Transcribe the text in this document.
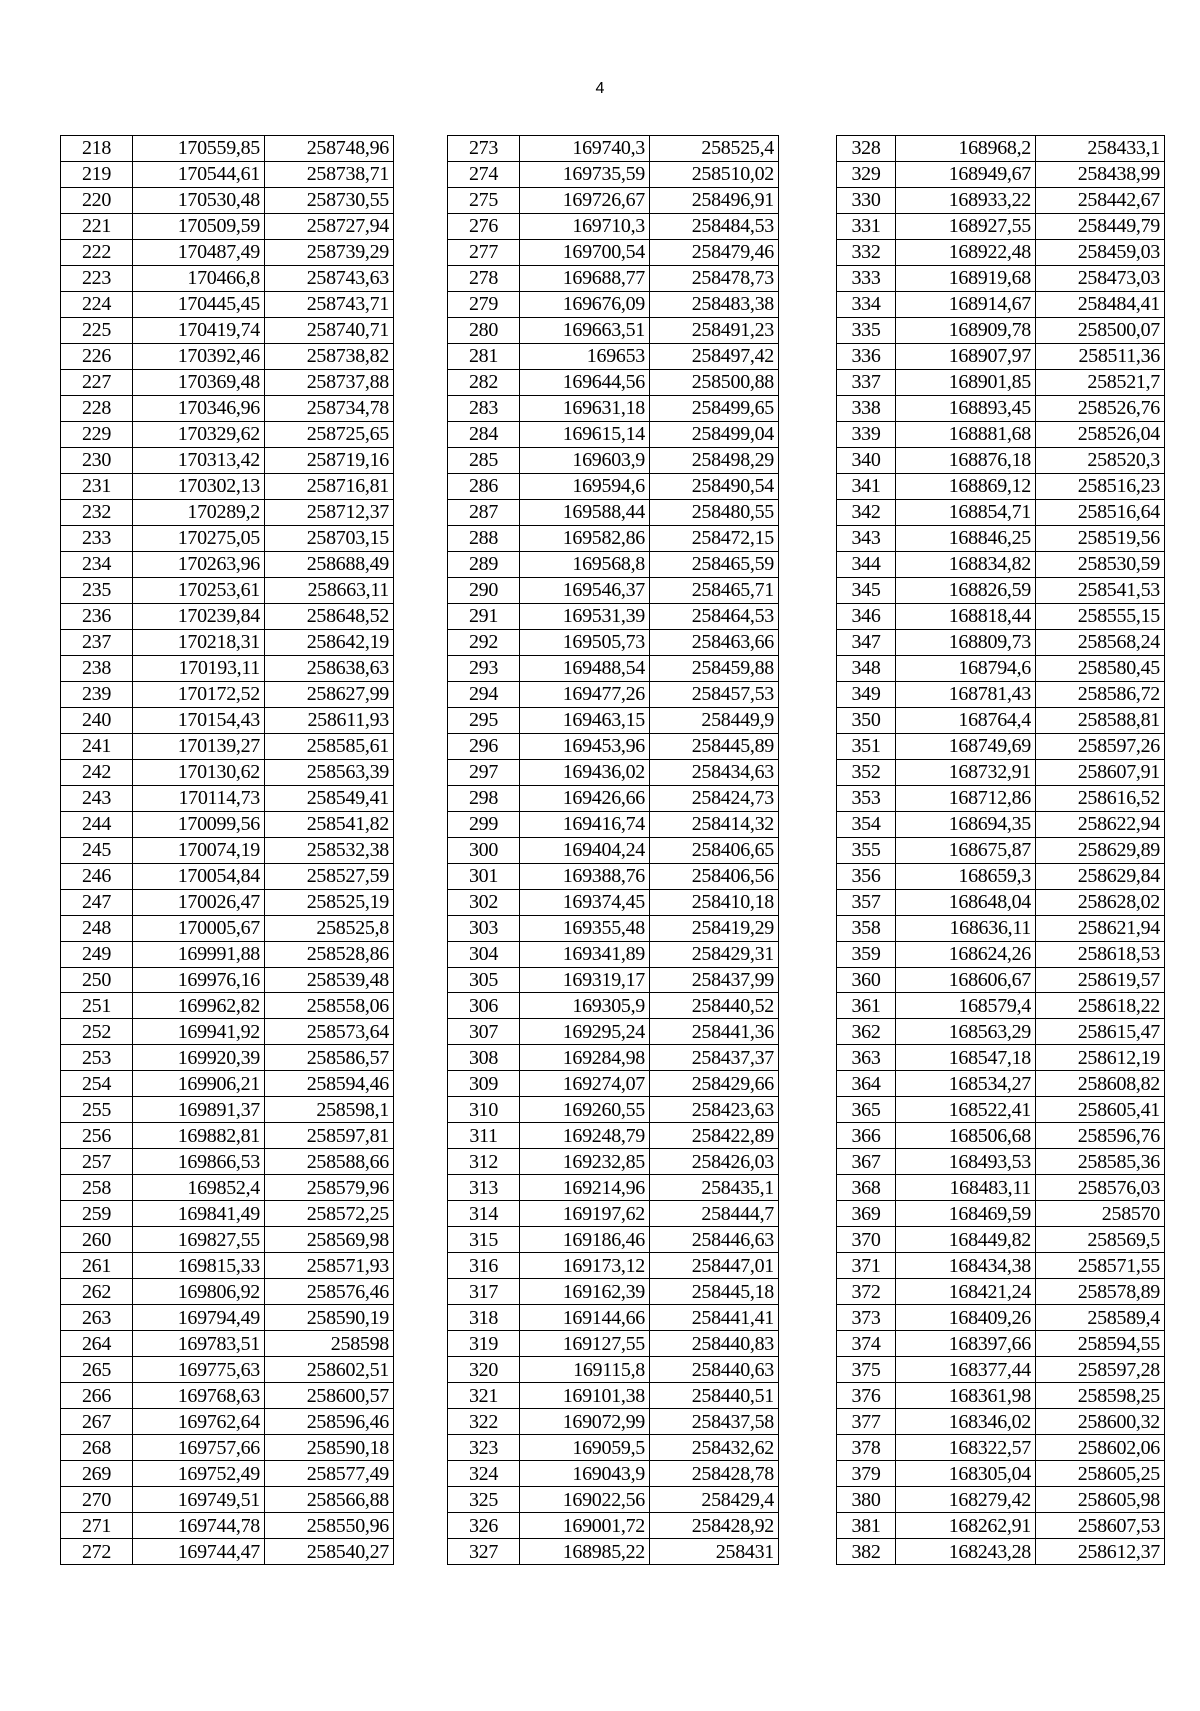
4
218	170559,85	258748,96
219	170544,61	258738,71
220	170530,48	258730,55
221	170509,59	258727,94
222	170487,49	258739,29
223	170466,8	258743,63
224	170445,45	258743,71
225	170419,74	258740,71
226	170392,46	258738,82
227	170369,48	258737,88
228	170346,96	258734,78
229	170329,62	258725,65
230	170313,42	258719,16
231	170302,13	258716,81
232	170289,2	258712,37
233	170275,05	258703,15
234	170263,96	258688,49
235	170253,61	258663,11
236	170239,84	258648,52
237	170218,31	258642,19
238	170193,11	258638,63
239	170172,52	258627,99
240	170154,43	258611,93
241	170139,27	258585,61
242	170130,62	258563,39
243	170114,73	258549,41
244	170099,56	258541,82
245	170074,19	258532,38
246	170054,84	258527,59
247	170026,47	258525,19
248	170005,67	258525,8
249	169991,88	258528,86
250	169976,16	258539,48
251	169962,82	258558,06
252	169941,92	258573,64
253	169920,39	258586,57
254	169906,21	258594,46
255	169891,37	258598,1
256	169882,81	258597,81
257	169866,53	258588,66
258	169852,4	258579,96
259	169841,49	258572,25
260	169827,55	258569,98
261	169815,33	258571,93
262	169806,92	258576,46
263	169794,49	258590,19
264	169783,51	258598
265	169775,63	258602,51
266	169768,63	258600,57
267	169762,64	258596,46
268	169757,66	258590,18
269	169752,49	258577,49
270	169749,51	258566,88
271	169744,78	258550,96
272	169744,47	258540,27
273	169740,3	258525,4
274	169735,59	258510,02
275	169726,67	258496,91
276	169710,3	258484,53
277	169700,54	258479,46
278	169688,77	258478,73
279	169676,09	258483,38
280	169663,51	258491,23
281	169653	258497,42
282	169644,56	258500,88
283	169631,18	258499,65
284	169615,14	258499,04
285	169603,9	258498,29
286	169594,6	258490,54
287	169588,44	258480,55
288	169582,86	258472,15
289	169568,8	258465,59
290	169546,37	258465,71
291	169531,39	258464,53
292	169505,73	258463,66
293	169488,54	258459,88
294	169477,26	258457,53
295	169463,15	258449,9
296	169453,96	258445,89
297	169436,02	258434,63
298	169426,66	258424,73
299	169416,74	258414,32
300	169404,24	258406,65
301	169388,76	258406,56
302	169374,45	258410,18
303	169355,48	258419,29
304	169341,89	258429,31
305	169319,17	258437,99
306	169305,9	258440,52
307	169295,24	258441,36
308	169284,98	258437,37
309	169274,07	258429,66
310	169260,55	258423,63
311	169248,79	258422,89
312	169232,85	258426,03
313	169214,96	258435,1
314	169197,62	258444,7
315	169186,46	258446,63
316	169173,12	258447,01
317	169162,39	258445,18
318	169144,66	258441,41
319	169127,55	258440,83
320	169115,8	258440,63
321	169101,38	258440,51
322	169072,99	258437,58
323	169059,5	258432,62
324	169043,9	258428,78
325	169022,56	258429,4
326	169001,72	258428,92
327	168985,22	258431
328	168968,2	258433,1
329	168949,67	258438,99
330	168933,22	258442,67
331	168927,55	258449,79
332	168922,48	258459,03
333	168919,68	258473,03
334	168914,67	258484,41
335	168909,78	258500,07
336	168907,97	258511,36
337	168901,85	258521,7
338	168893,45	258526,76
339	168881,68	258526,04
340	168876,18	258520,3
341	168869,12	258516,23
342	168854,71	258516,64
343	168846,25	258519,56
344	168834,82	258530,59
345	168826,59	258541,53
346	168818,44	258555,15
347	168809,73	258568,24
348	168794,6	258580,45
349	168781,43	258586,72
350	168764,4	258588,81
351	168749,69	258597,26
352	168732,91	258607,91
353	168712,86	258616,52
354	168694,35	258622,94
355	168675,87	258629,89
356	168659,3	258629,84
357	168648,04	258628,02
358	168636,11	258621,94
359	168624,26	258618,53
360	168606,67	258619,57
361	168579,4	258618,22
362	168563,29	258615,47
363	168547,18	258612,19
364	168534,27	258608,82
365	168522,41	258605,41
366	168506,68	258596,76
367	168493,53	258585,36
368	168483,11	258576,03
369	168469,59	258570
370	168449,82	258569,5
371	168434,38	258571,55
372	168421,24	258578,89
373	168409,26	258589,4
374	168397,66	258594,55
375	168377,44	258597,28
376	168361,98	258598,25
377	168346,02	258600,32
378	168322,57	258602,06
379	168305,04	258605,25
380	168279,42	258605,98
381	168262,91	258607,53
382	168243,28	258612,37
